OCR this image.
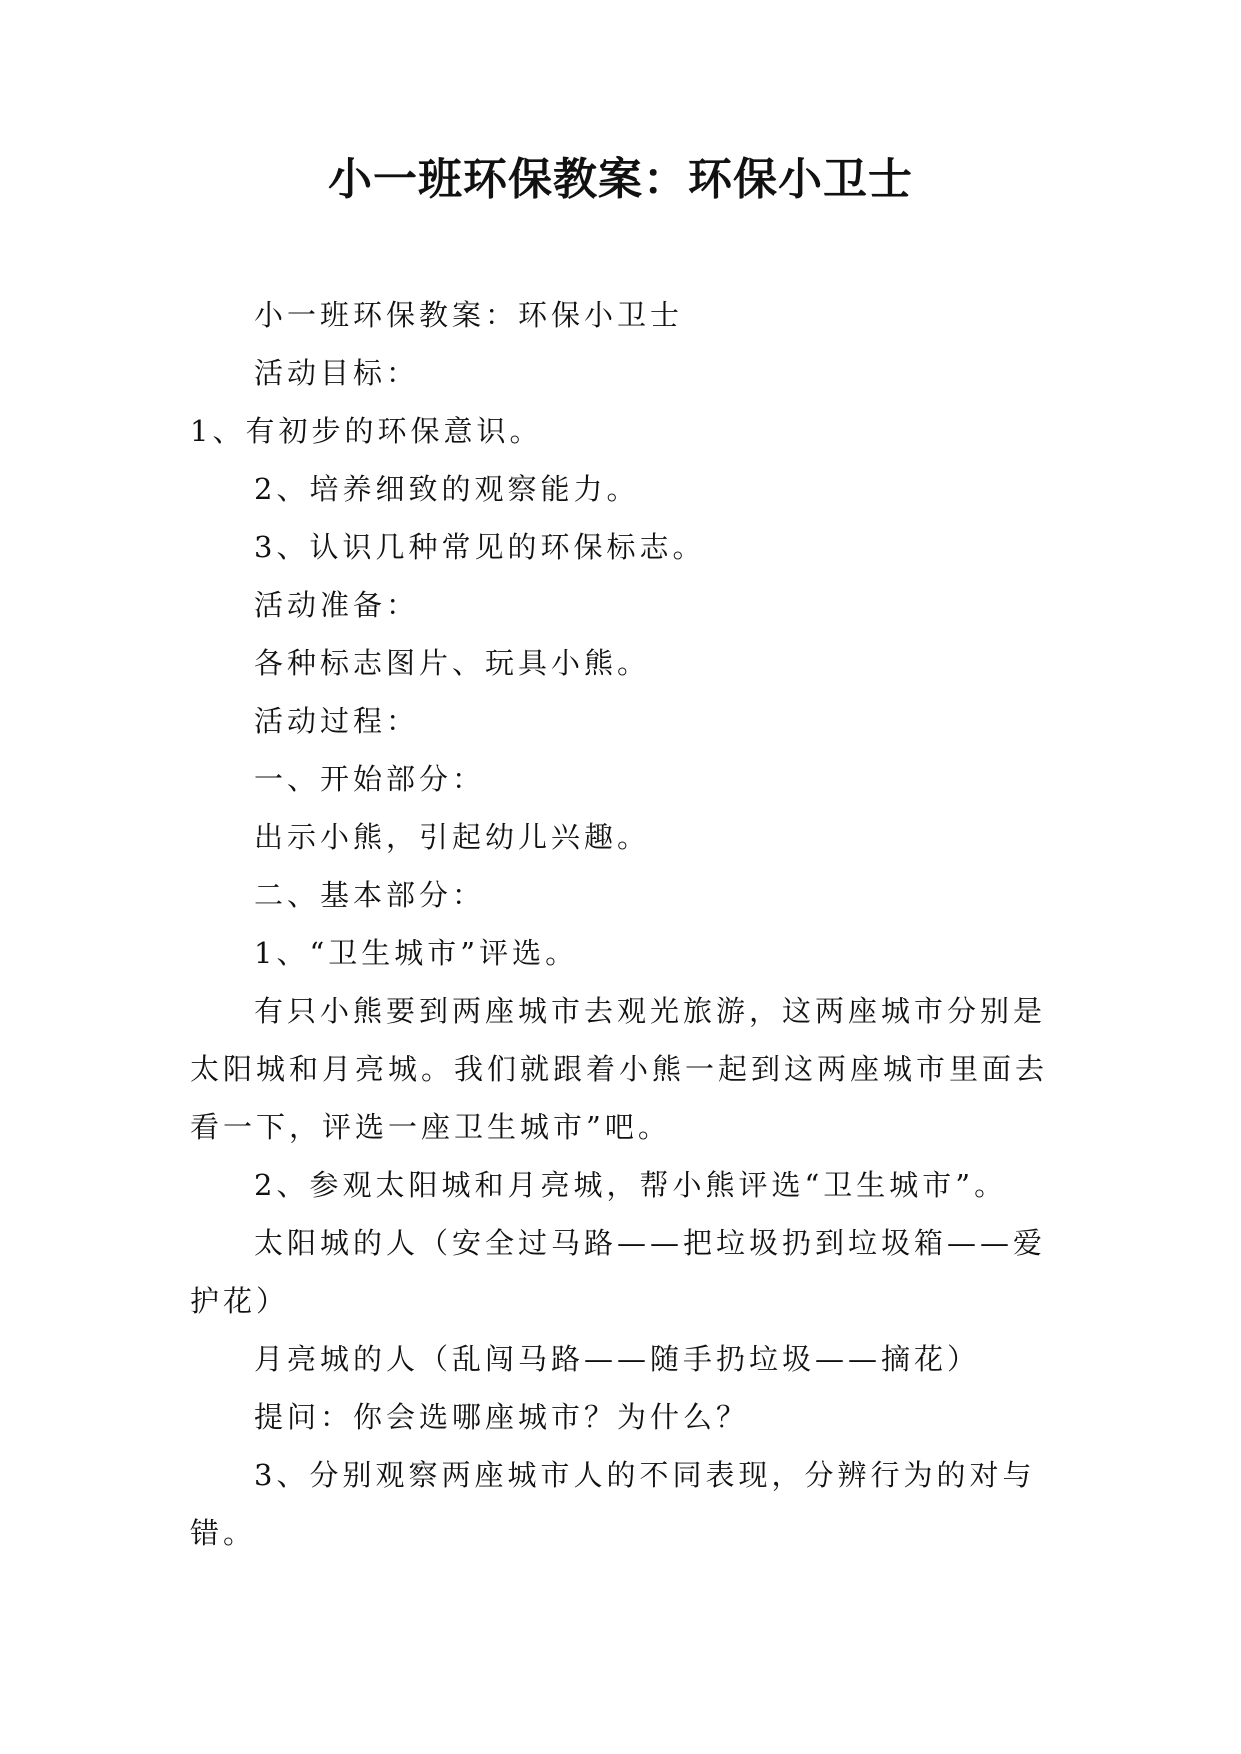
小一班环保教案：环保小卫士

小一班环保教案：环保小卫士

活动目标：

1、有初步的环保意识。

2、培养细致的观察能力。

3、认识几种常见的环保标志。

活动准备：

各种标志图片、玩具小熊。

活动过程：

一、开始部分：

出示小熊，引起幼儿兴趣。

二、基本部分：

1、“卫生城市”评选。

有只小熊要到两座城市去观光旅游，这两座城市分别是太阳城和月亮城。我们就跟着小熊一起到这两座城市里面去看一下，评选一座卫生城市”吧。

2、参观太阳城和月亮城，帮小熊评选“卫生城市”。

太阳城的人（安全过马路——把垃圾扔到垃圾箱——爱护花）

月亮城的人（乱闯马路——随手扔垃圾——摘花）

提问：你会选哪座城市？为什么？

3、分别观察两座城市人的不同表现，分辨行为的对与错。
